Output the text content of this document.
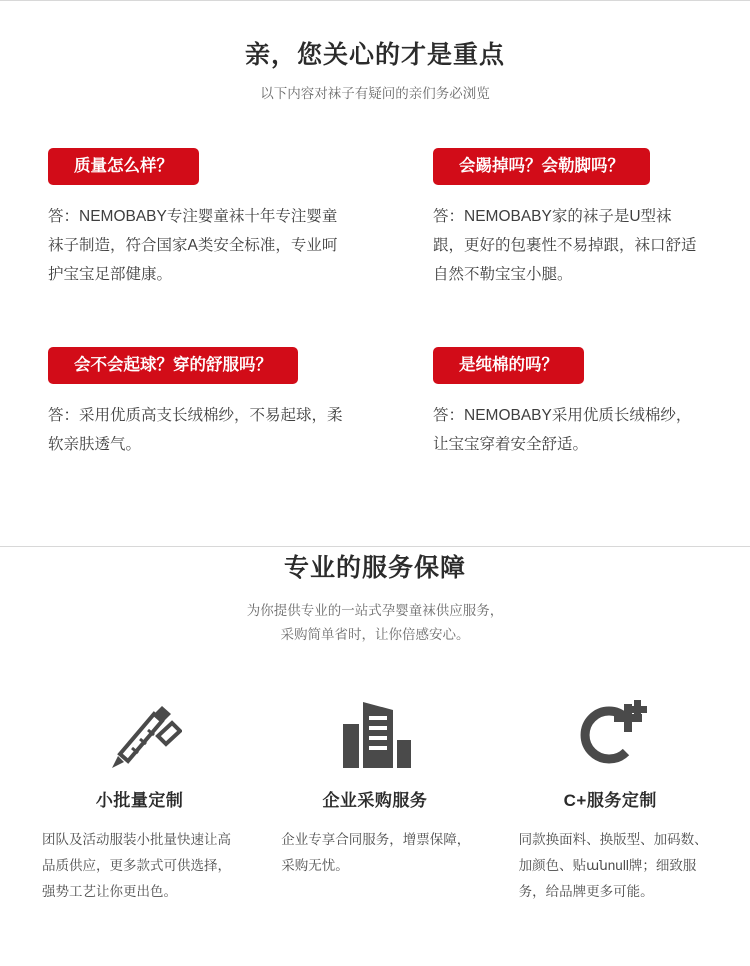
亲，您关心的才是重点

以下内容对袜子有疑问的亲们务必浏览

质量怎么样？

答：NEMOBABY专注婴童袜十年专注婴童袜子制造，符合国家A类安全标准，专业呵护宝宝足部健康。

会踢掉吗？会勒脚吗？

答：NEMOBABY家的袜子是U型袜跟，更好的包裹性不易掉跟，袜口舒适自然不勒宝宝小腿。

会不会起球？穿的舒服吗？

答：采用优质高支长绒棉纱，不易起球，柔软亲肤透气。

是纯棉的吗？

答：NEMOBABY采用优质长绒棉纱，让宝宝穿着安全舒适。

专业的服务保障

为你提供专业的一站式孕婴童袜供应服务，

采购简单省时，让你倍感安心。

小批量定制

团队及活动服装小批量快速让高品质供应，更多款式可供选择，强势工艺让你更出色。

企业采购服务

企业专享合同服务，增票保障，采购无忧。

C+服务定制

同款换面料、换版型、加码数、加颜色、贴անnull牌；细致服务，给品牌更多可能。
